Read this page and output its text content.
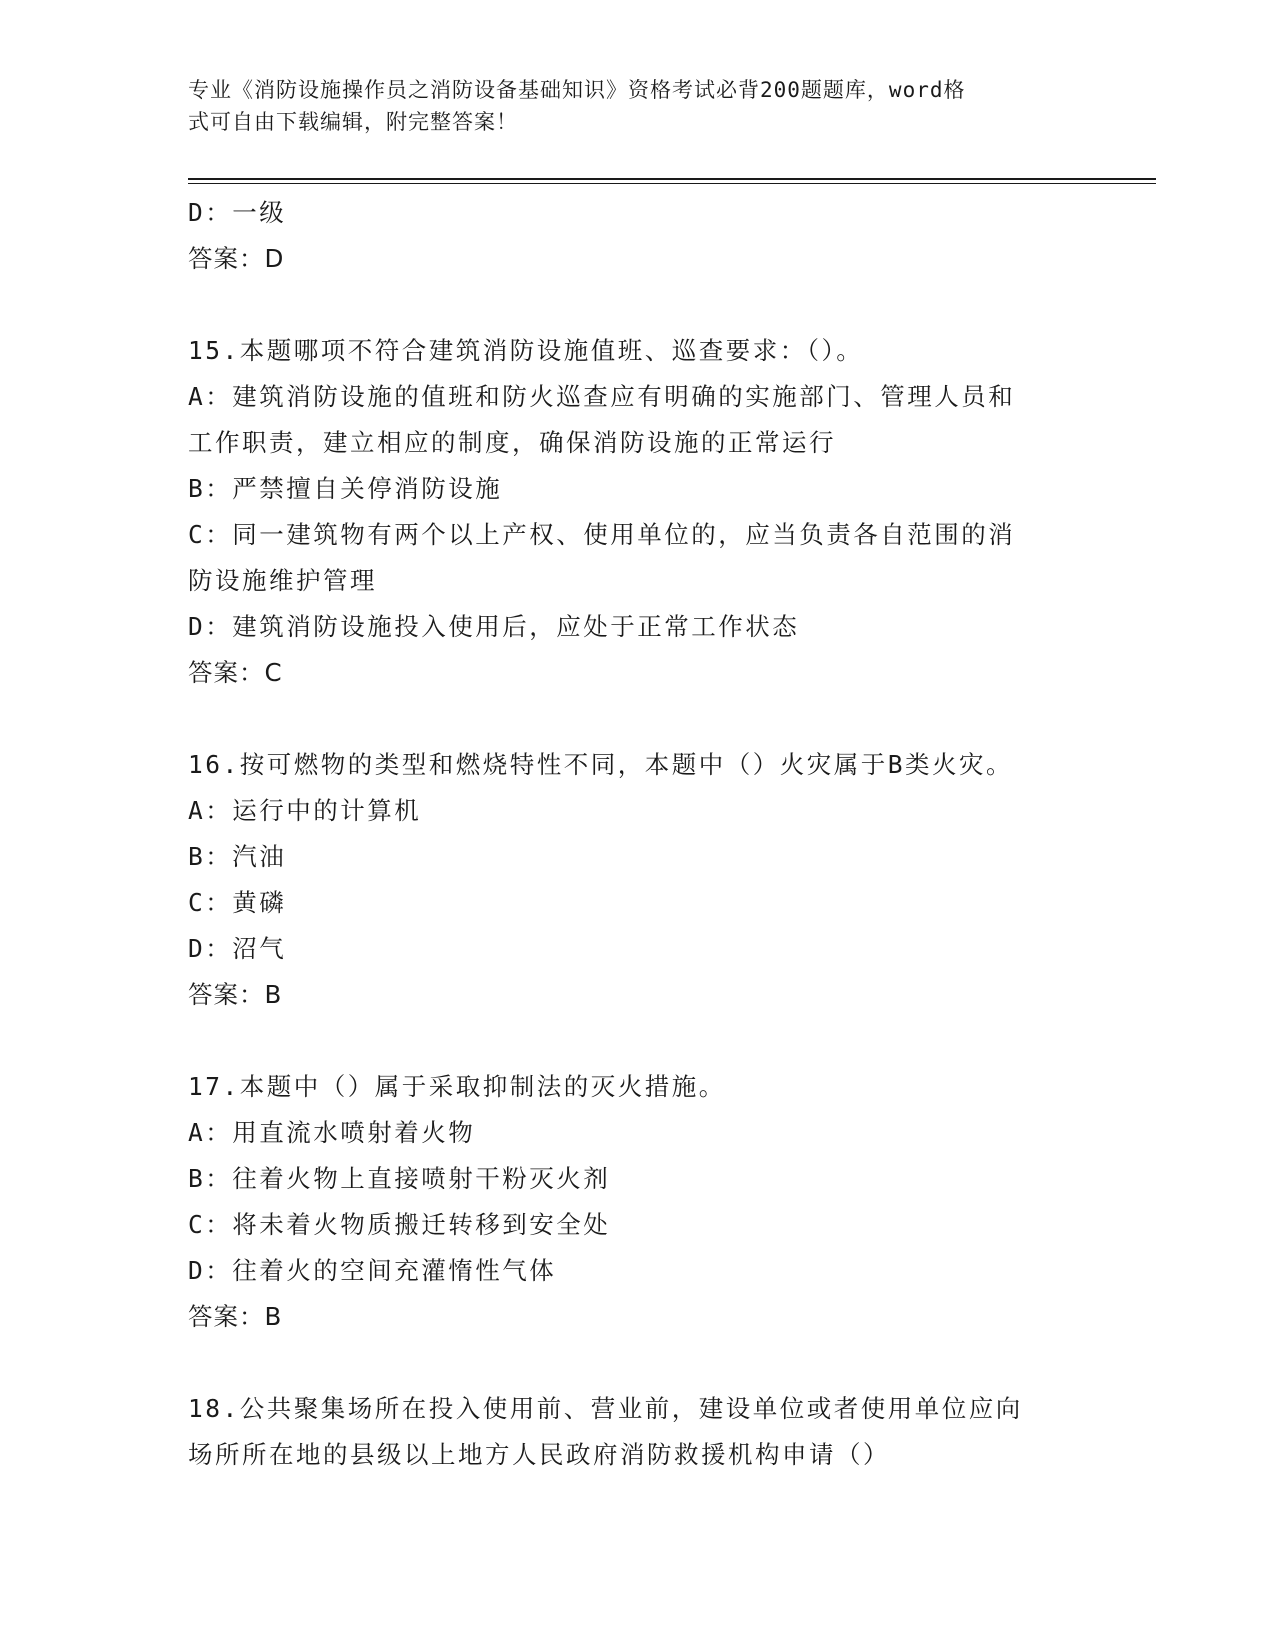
专业《消防设施操作员之消防设备基础知识》资格考试必背200题题库，word格
式可自由下载编辑，附完整答案！
D：一级
答案：D
15.本题哪项不符合建筑消防设施值班、巡查要求：（）。
A：建筑消防设施的值班和防火巡查应有明确的实施部门、管理人员和
工作职责，建立相应的制度，确保消防设施的正常运行
B：严禁擅自关停消防设施
C：同一建筑物有两个以上产权、使用单位的，应当负责各自范围的消
防设施维护管理
D：建筑消防设施投入使用后，应处于正常工作状态
答案：C
16.按可燃物的类型和燃烧特性不同，本题中（）火灾属于B类火灾。
A：运行中的计算机
B：汽油
C：黄磷
D：沼气
答案：B
17.本题中（）属于采取抑制法的灭火措施。
A：用直流水喷射着火物
B：往着火物上直接喷射干粉灭火剂
C：将未着火物质搬迁转移到安全处
D：往着火的空间充灌惰性气体
答案：B
18.公共聚集场所在投入使用前、营业前，建设单位或者使用单位应向
场所所在地的县级以上地方人民政府消防救援机构申请（）
